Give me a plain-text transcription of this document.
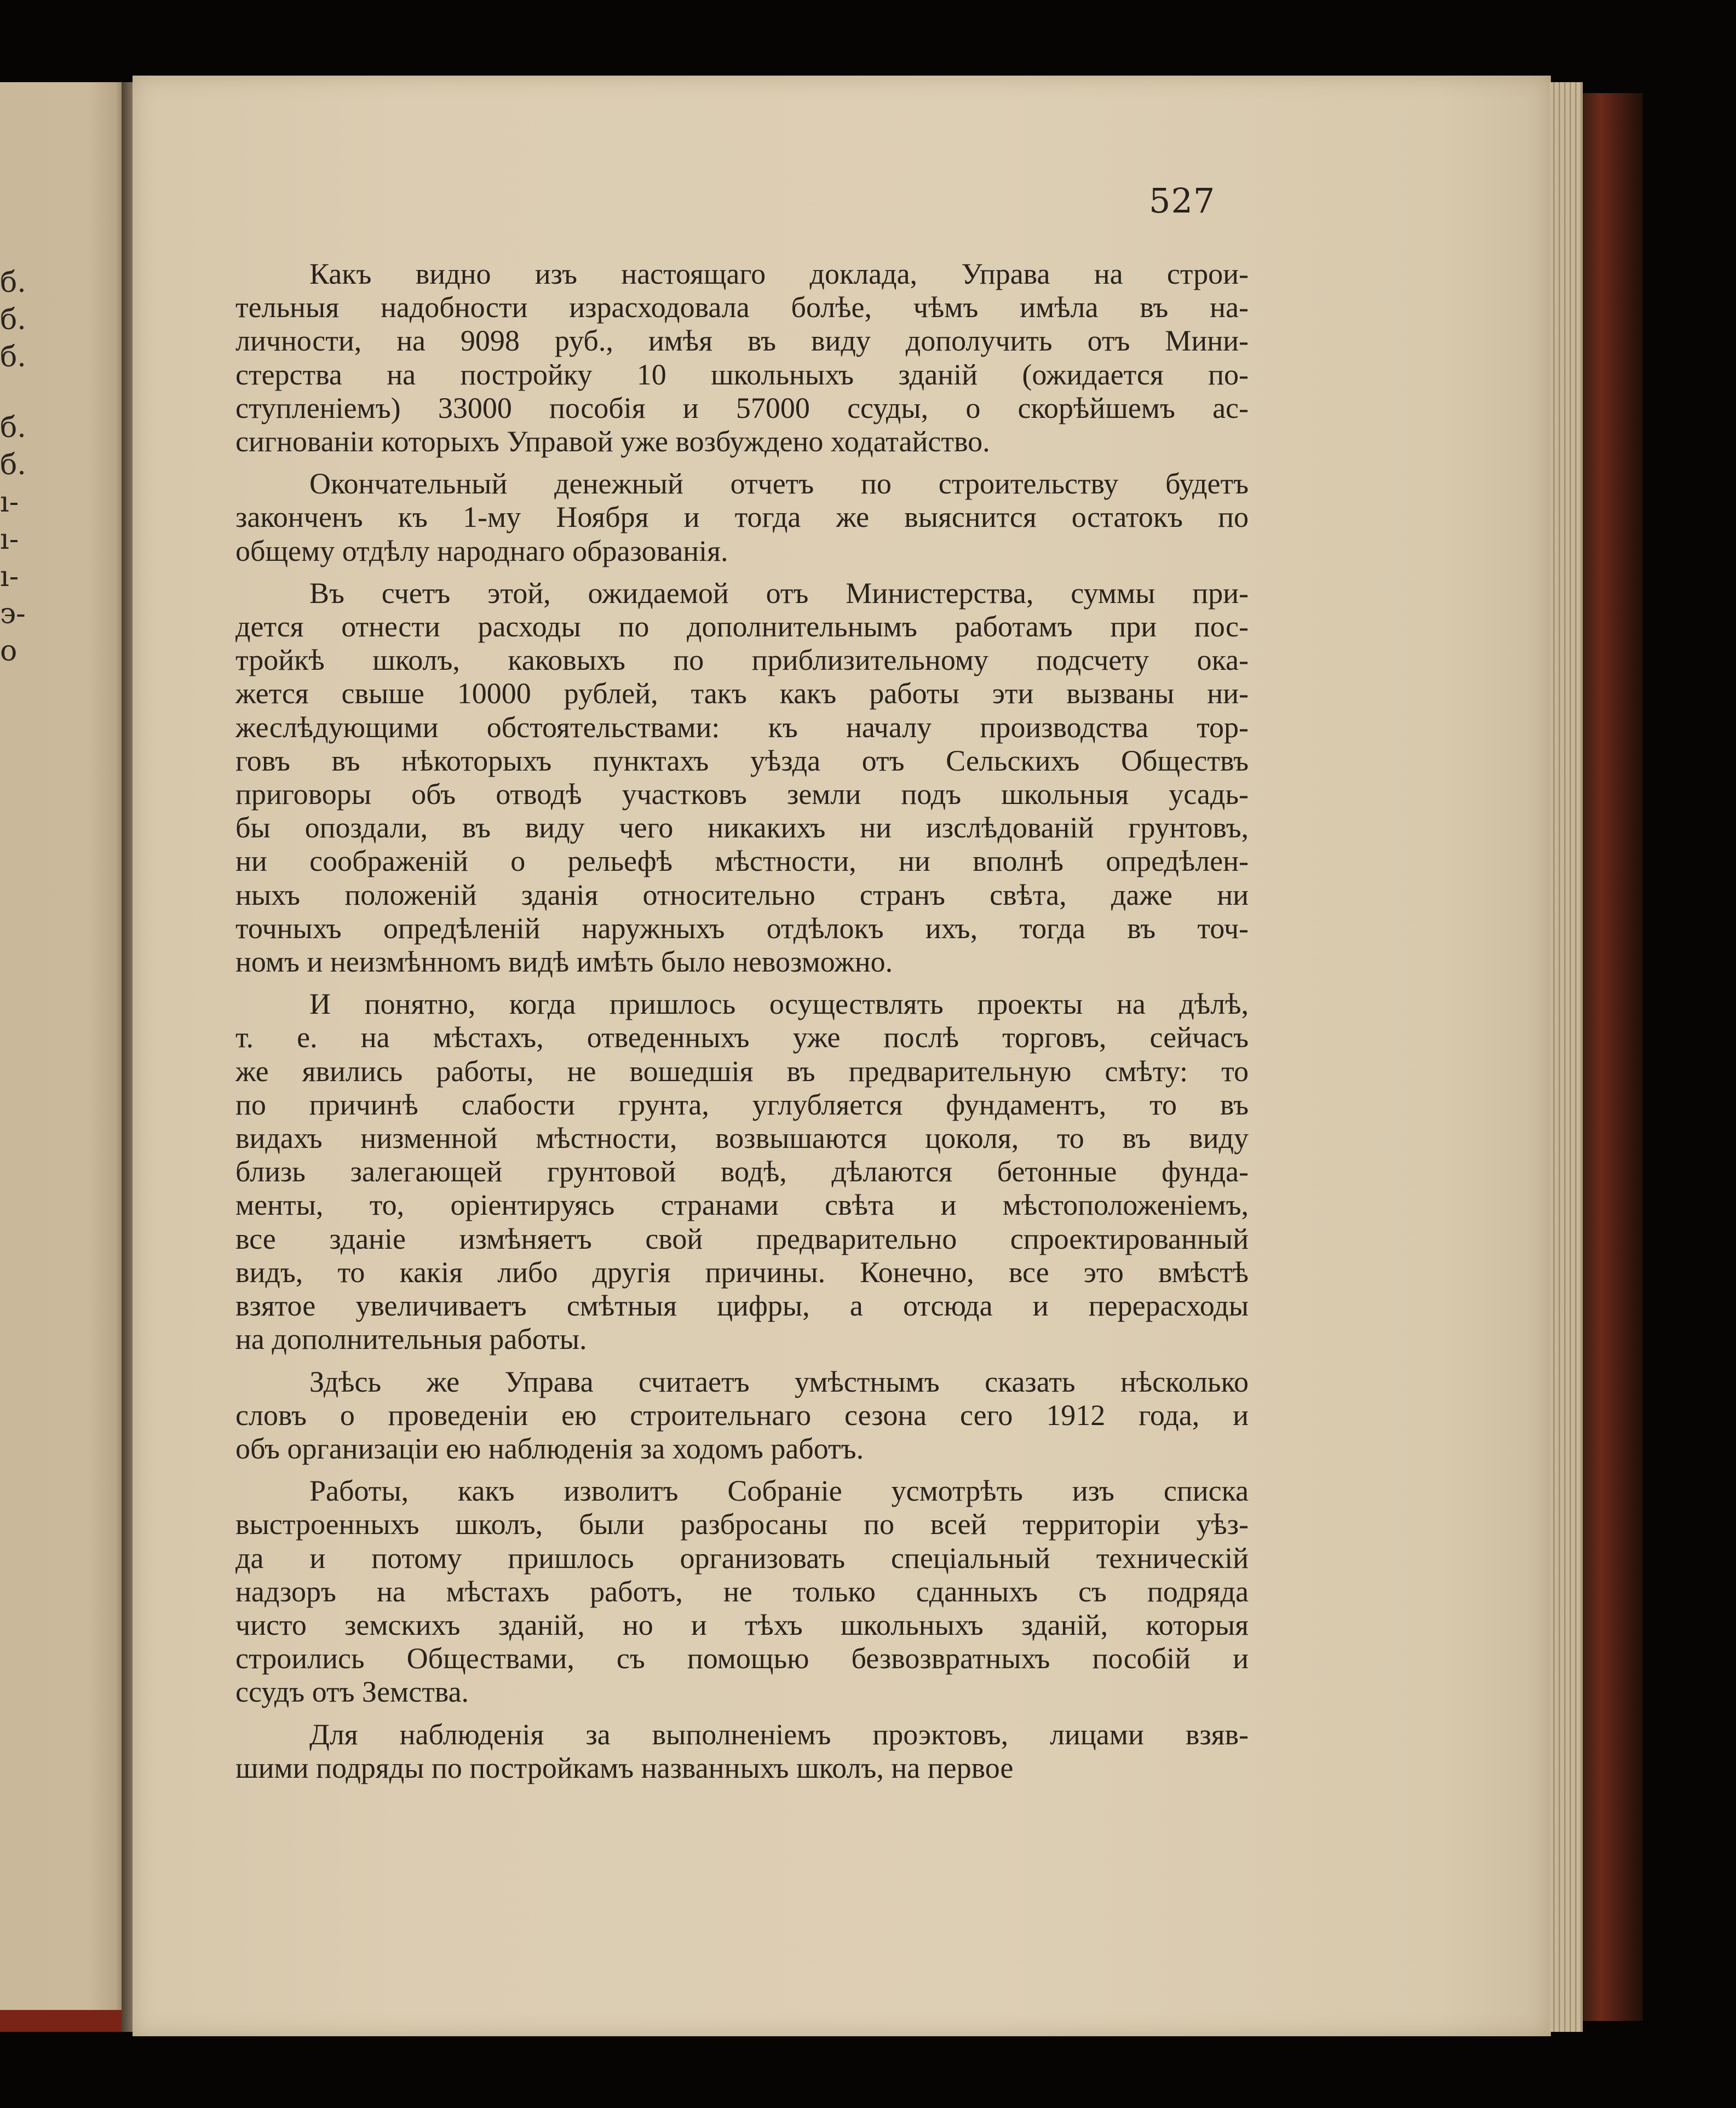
б.
б.
б.
б.
б.
ı-
ı-
ı-
э-
о
527
Какъ видно изъ настоящаго доклада, Управа на строи-
тельныя надобности израсходовала болѣе, чѣмъ имѣла въ на-
личности, на 9098 руб., имѣя въ виду дополучить отъ Мини-
стерства на постройку 10 школьныхъ зданій (ожидается по-
ступленіемъ) 33000 пособія и 57000 ссуды, о скорѣйшемъ ас-
сигнованіи которыхъ Управой уже возбуждено ходатайство.
Окончательный денежный отчетъ по строительству будетъ
законченъ къ 1-му Ноября и тогда же выяснится остатокъ по
общему отдѣлу народнаго образованія.
Въ счетъ этой, ожидаемой отъ Министерства, суммы при-
дется отнести расходы по дополнительнымъ работамъ при пос-
тройкѣ школъ, каковыхъ по приблизительному подсчету ока-
жется свыше 10000 рублей, такъ какъ работы эти вызваны ни-
жеслѣдующими обстоятельствами: къ началу производства тор-
говъ въ нѣкоторыхъ пунктахъ уѣзда отъ Сельскихъ Обществъ
приговоры объ отводѣ участковъ земли подъ школьныя усадь-
бы опоздали, въ виду чего никакихъ ни изслѣдованій грунтовъ,
ни соображеній о рельефѣ мѣстности, ни вполнѣ опредѣлен-
ныхъ положеній зданія относительно странъ свѣта, даже ни
точныхъ опредѣленій наружныхъ отдѣлокъ ихъ, тогда въ точ-
номъ и неизмѣнномъ видѣ имѣть было невозможно.
И понятно, когда пришлось осуществлять проекты на дѣлѣ,
т. е. на мѣстахъ, отведенныхъ уже послѣ торговъ, сейчасъ
же явились работы, не вошедшія въ предварительную смѣту: то
по причинѣ слабости грунта, углубляется фундаментъ, то въ
видахъ низменной мѣстности, возвышаются цоколя, то въ виду
близь залегающей грунтовой водѣ, дѣлаются бетонные фунда-
менты, то, оріентируясь странами свѣта и мѣстоположеніемъ,
все зданіе измѣняетъ свой предварительно спроектированный
видъ, то какія либо другія причины. Конечно, все это вмѣстѣ
взятое увеличиваетъ смѣтныя цифры, а отсюда и перерасходы
на дополнительныя работы.
Здѣсь же Управа считаетъ умѣстнымъ сказать нѣсколько
словъ о проведеніи ею строительнаго сезона сего 1912 года, и
объ организаціи ею наблюденія за ходомъ работъ.
Работы, какъ изволитъ Собраніе усмотрѣть изъ списка
выстроенныхъ школъ, были разбросаны по всей территоріи уѣз-
да и потому пришлось организовать спеціальный техническій
надзоръ на мѣстахъ работъ, не только сданныхъ съ подряда
чисто земскихъ зданій, но и тѣхъ школьныхъ зданій, которыя
строились Обществами, съ помощью безвозвратныхъ пособій и
ссудъ отъ Земства.
Для наблюденія за выполненіемъ проэктовъ, лицами взяв-
шими подряды по постройкамъ названныхъ школъ, на первое
